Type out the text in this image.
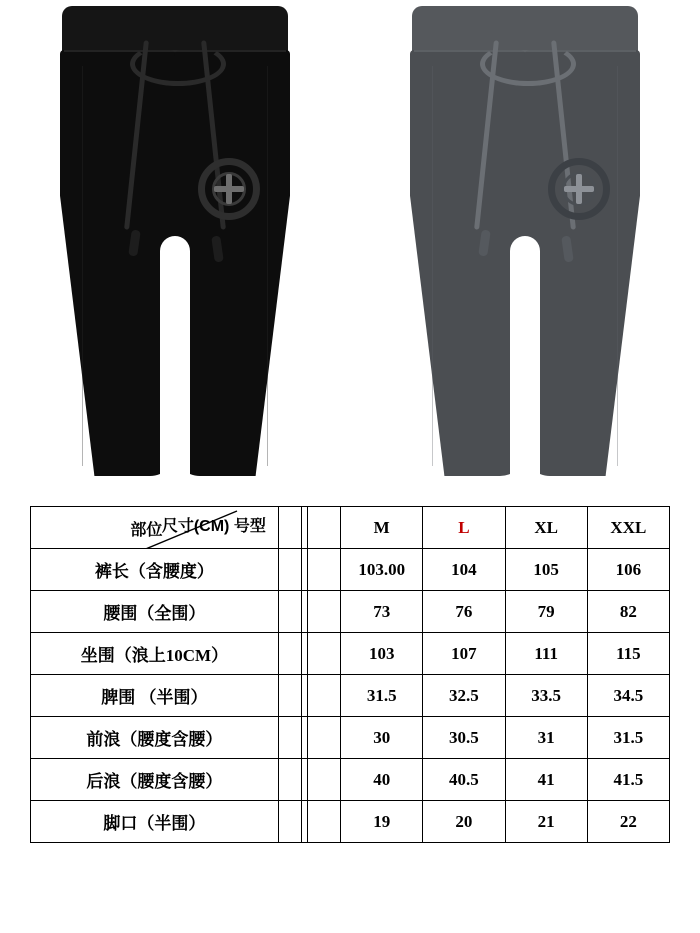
尺寸(CM) 号型
部位		M	L	XL	XXL

裤长（含腰度）		103.00	104	105	106
腰围（全围）		73	76	79	82
坐围（浪上10CM）		103	107	111	115
脾围 （半围）		31.5	32.5	33.5	34.5
前浪（腰度含腰）		30	30.5	31	31.5
后浪（腰度含腰）		40	40.5	41	41.5
脚口（半围）		19	20	21	22
